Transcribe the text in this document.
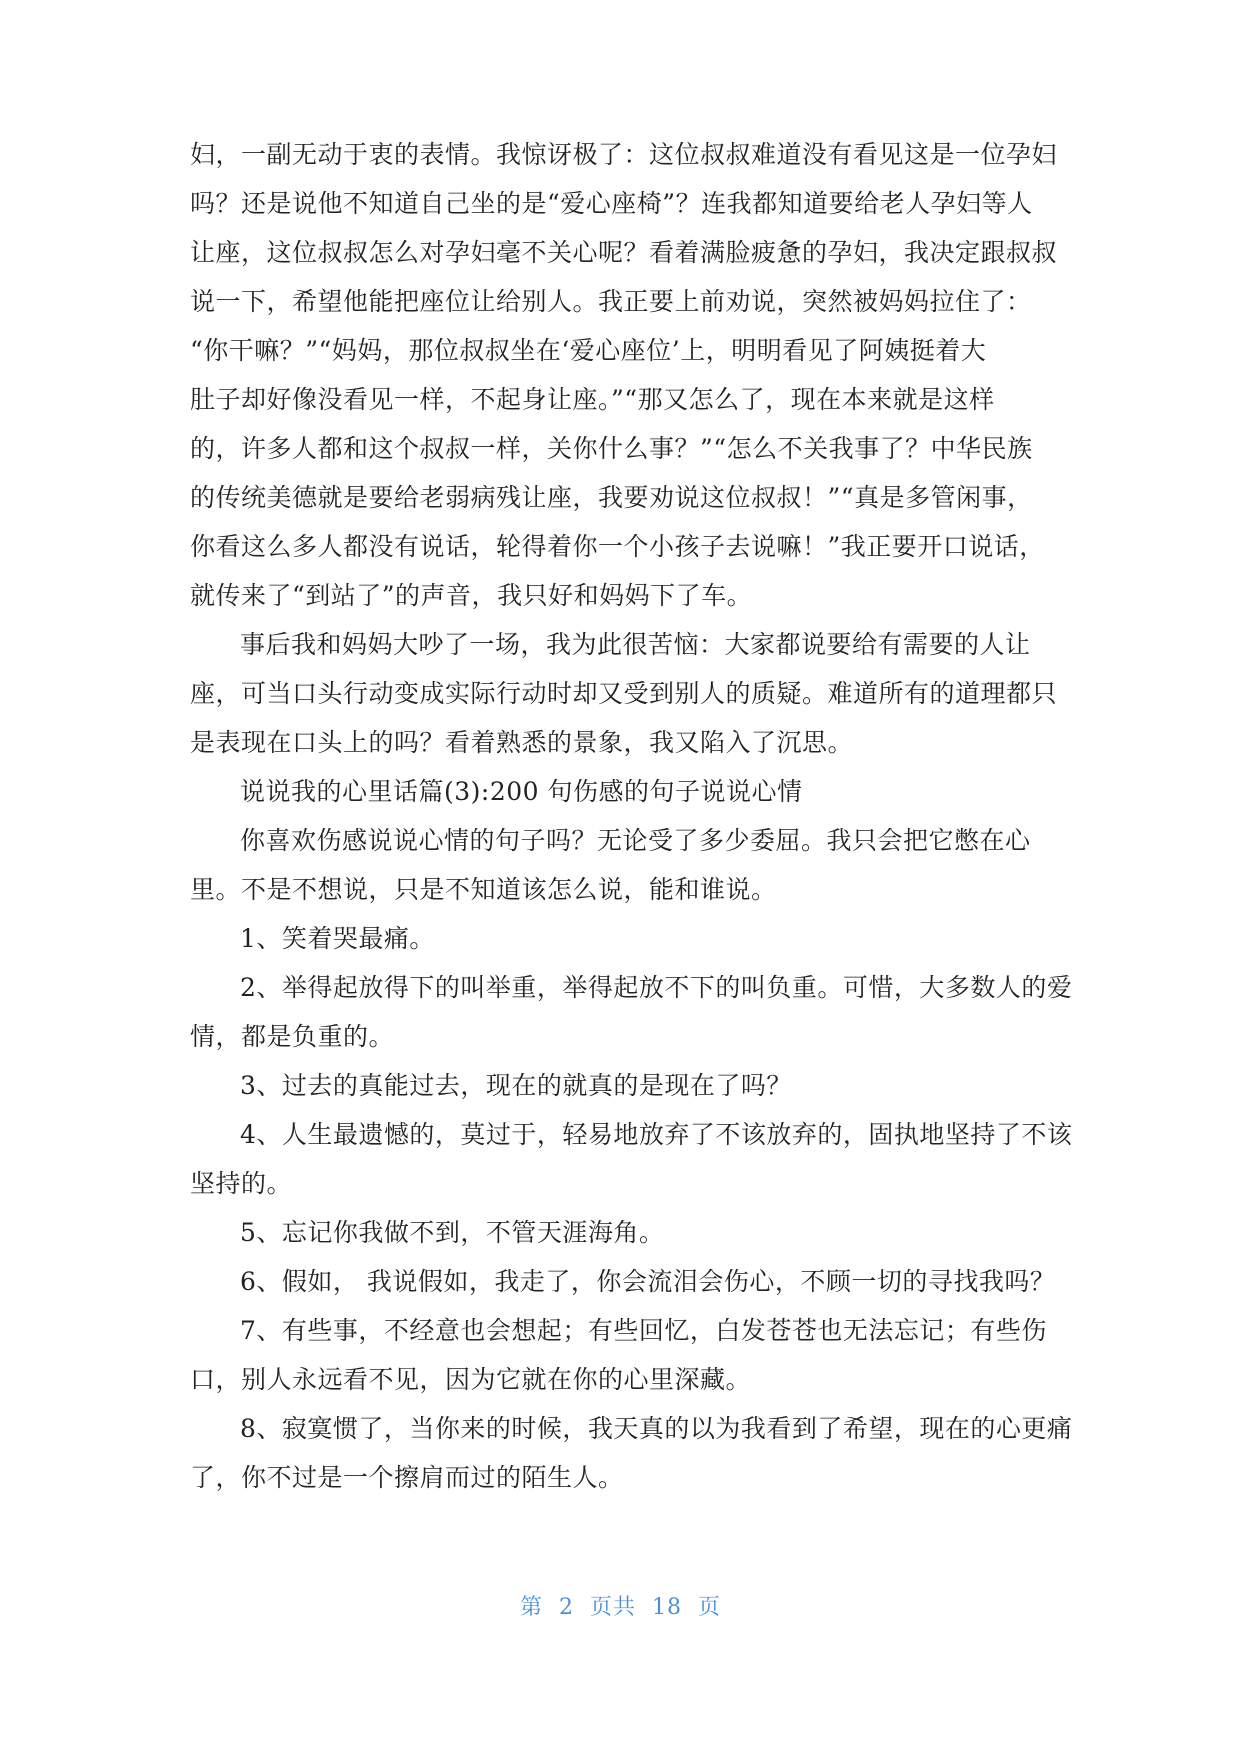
妇，一副无动于衷的表情。我惊讶极了：这位叔叔难道没有看见这是一位孕妇
吗？还是说他不知道自己坐的是“爱心座椅”？连我都知道要给老人孕妇等人
让座，这位叔叔怎么对孕妇毫不关心呢？看着满脸疲惫的孕妇，我决定跟叔叔
说一下，希望他能把座位让给别人。我正要上前劝说，突然被妈妈拉住了：
“你干嘛？”“妈妈，那位叔叔坐在‘爱心座位’上，明明看见了阿姨挺着大
肚子却好像没看见一样，不起身让座。”“那又怎么了，现在本来就是这样
的，许多人都和这个叔叔一样，关你什么事？”“怎么不关我事了？中华民族
的传统美德就是要给老弱病残让座，我要劝说这位叔叔！”“真是多管闲事，
你看这么多人都没有说话，轮得着你一个小孩子去说嘛！”我正要开口说话，
就传来了“到站了”的声音，我只好和妈妈下了车。
事后我和妈妈大吵了一场，我为此很苦恼：大家都说要给有需要的人让
座，可当口头行动变成实际行动时却又受到别人的质疑。难道所有的道理都只
是表现在口头上的吗？看着熟悉的景象，我又陷入了沉思。
说说我的心里话篇(3):200 句伤感的句子说说心情
你喜欢伤感说说心情的句子吗？无论受了多少委屈。我只会把它憋在心
里。不是不想说，只是不知道该怎么说，能和谁说。
1、笑着哭最痛。
2、举得起放得下的叫举重，举得起放不下的叫负重。可惜，大多数人的爱
情，都是负重的。
3、过去的真能过去，现在的就真的是现在了吗？
4、人生最遗憾的，莫过于，轻易地放弃了不该放弃的，固执地坚持了不该
坚持的。
5、忘记你我做不到，不管天涯海角。
6、假如， 我说假如，我走了，你会流泪会伤心，不顾一切的寻找我吗？
7、有些事，不经意也会想起；有些回忆，白发苍苍也无法忘记；有些伤
口，别人永远看不见，因为它就在你的心里深藏。
8、寂寞惯了，当你来的时候，我天真的以为我看到了希望，现在的心更痛
了，你不过是一个擦肩而过的陌生人。
第 2 页共 18 页
